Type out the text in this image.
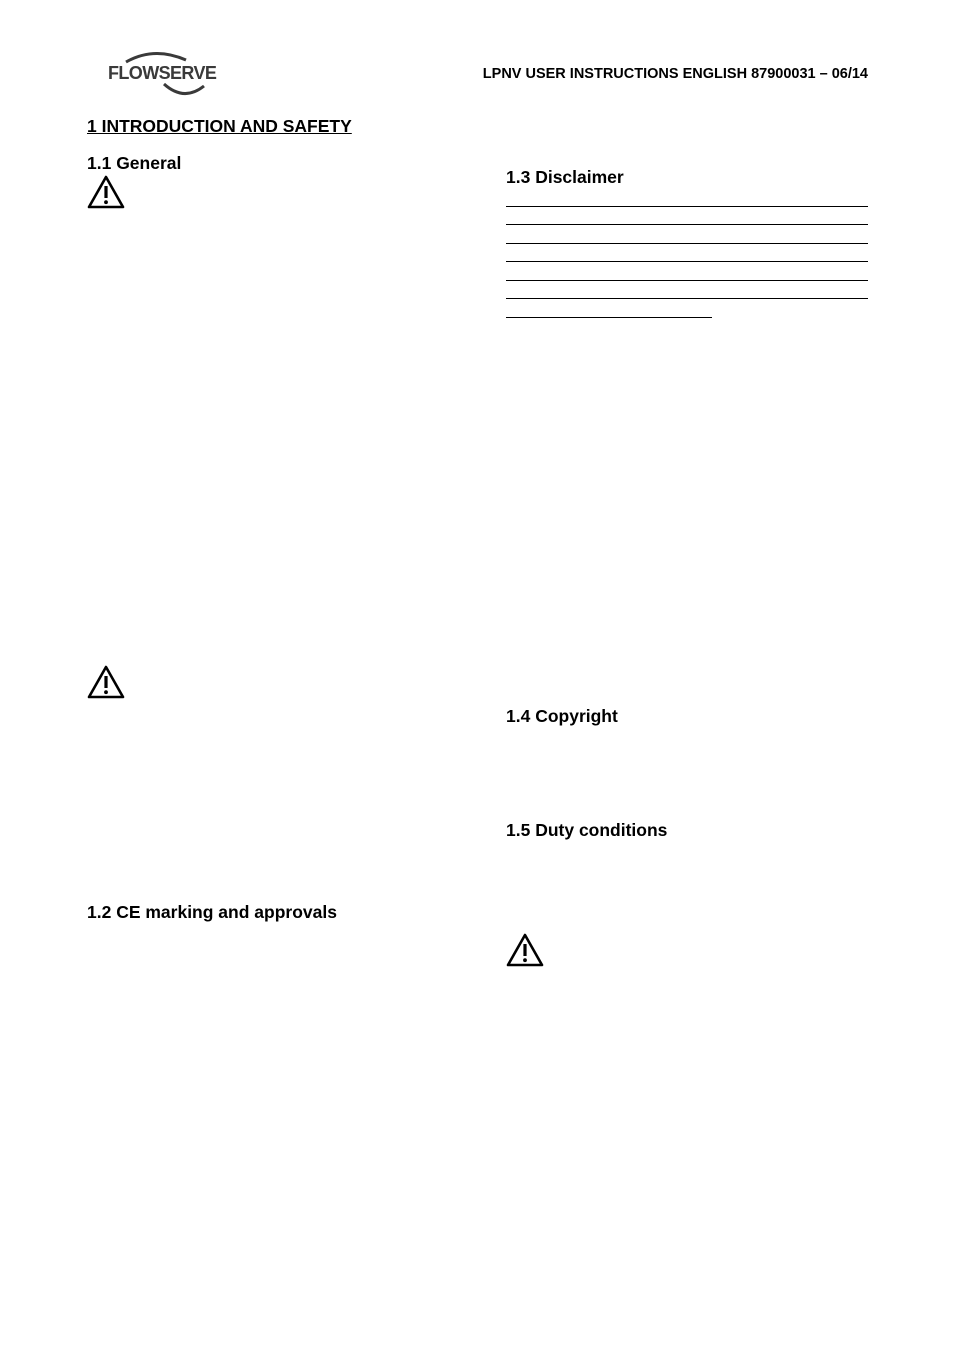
FLOWSERVE	LPNV USER INSTRUCTIONS ENGLISH 87900031 – 06/14
1 INTRODUCTION AND SAFETY
1.1 General
1.2 CE marking and approvals
1.3 Disclaimer
1.4 Copyright
1.5 Duty conditions
